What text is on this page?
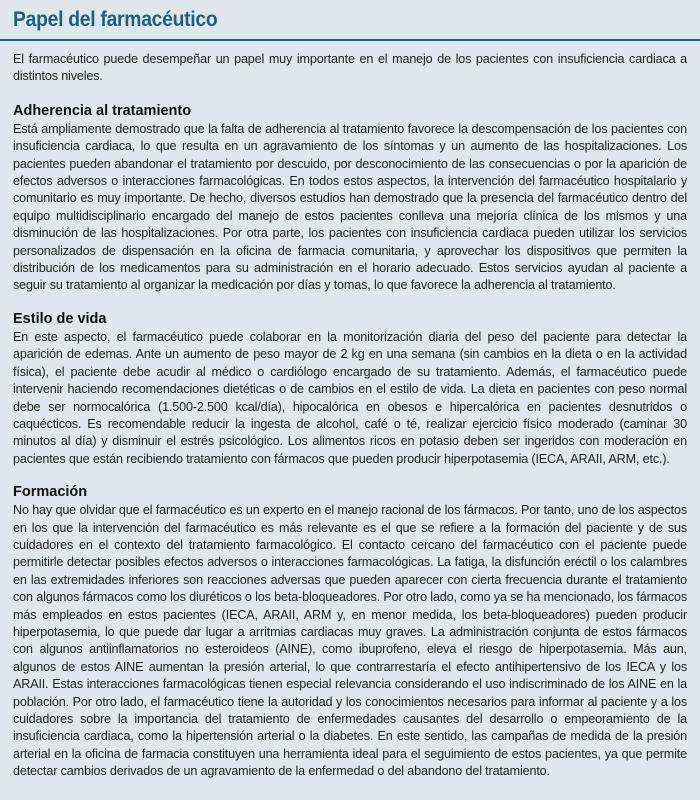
Papel del farmacéutico

El farmacéutico puede desempeñar un papel muy importante en el manejo de los pacientes con insuficiencia cardiaca a distintos niveles.

Adherencia al tratamiento

Está ampliamente demostrado que la falta de adherencia al tratamiento favorece la descompensación de los pacientes con insuficiencia cardiaca, lo que resulta en un agravamiento de los síntomas y un aumento de las hospitalizaciones. Los pacientes pueden abandonar el tratamiento por descuido, por desconocimiento de las consecuencias o por la aparición de efectos adversos o interacciones farmacológicas. En todos estos aspectos, la intervención del farmacéutico hospitalario y comunitario es muy importante. De hecho, diversos estudios han demostrado que la presencia del farmacéutico dentro del equipo multidisciplinario encargado del manejo de estos pacientes conlleva una mejoría clínica de los mismos y una disminución de las hospitalizaciones. Por otra parte, los pacientes con insuficiencia cardiaca pueden utilizar los servicios personalizados de dispensación en la oficina de farmacia comunitaria, y aprovechar los dispositivos que permiten la distribución de los medicamentos para su administración en el horario adecuado. Estos servicios ayudan al paciente a seguir su tratamiento al organizar la medicación por días y tomas, lo que favorece la adherencia al tratamiento.

Estilo de vida

En este aspecto, el farmacéutico puede colaborar en la monitorización diaria del peso del paciente para detectar la aparición de edemas. Ante un aumento de peso mayor de 2 kg en una semana (sin cambios en la dieta o en la actividad física), el paciente debe acudir al médico o cardiólogo encargado de su tratamiento. Además, el farmacéutico puede intervenir haciendo recomendaciones dietéticas o de cambios en el estilo de vida. La dieta en pacientes con peso normal debe ser normocalórica (1.500-2.500 kcal/día), hipocalórica en obesos e hipercalórica en pacientes desnutridos o caquécticos. Es recomendable reducir la ingesta de alcohol, café o té, realizar ejercicio físico moderado (caminar 30 minutos al día) y disminuir el estrés psicológico. Los alimentos ricos en potasio deben ser ingeridos con moderación en pacientes que están recibiendo tratamiento con fármacos que pueden producir hiperpotasemia (IECA, ARAII, ARM, etc.).

Formación

No hay que olvidar que el farmacéutico es un experto en el manejo racional de los fármacos. Por tanto, uno de los aspectos en los que la intervención del farmacéutico es más relevante es el que se refiere a la formación del paciente y de sus cuidadores en el contexto del tratamiento farmacológico. El contacto cercano del farmacéutico con el paciente puede permitirle detectar posibles efectos adversos o interacciones farmacológicas. La fatiga, la disfunción eréctil o los calambres en las extremidades inferiores son reacciones adversas que pueden aparecer con cierta frecuencia durante el tratamiento con algunos fármacos como los diuréticos o los beta-bloqueadores. Por otro lado, como ya se ha mencionado, los fármacos más empleados en estos pacientes (IECA, ARAII, ARM y, en menor medida, los beta-bloqueadores) pueden producir hiperpotasemia, lo que puede dar lugar a arritmias cardiacas muy graves. La administración conjunta de estos fármacos con algunos antiinflamatorios no esteroideos (AINE), como ibuprofeno, eleva el riesgo de hiperpotasemia. Más aun, algunos de estos AINE aumentan la presión arterial, lo que contrarrestaría el efecto antihipertensivo de los IECA y los ARAII. Estas interacciones farmacológicas tienen especial relevancia considerando el uso indiscriminado de los AINE en la población. Por otro lado, el farmacéutico tiene la autoridad y los conocimientos necesarios para informar al paciente y a los cuidadores sobre la importancia del tratamiento de enfermedades causantes del desarrollo o empeoramiento de la insuficiencia cardiaca, como la hipertensión arterial o la diabetes. En este sentido, las campañas de medida de la presión arterial en la oficina de farmacia constituyen una herramienta ideal para el seguimiento de estos pacientes, ya que permite detectar cambios derivados de un agravamiento de la enfermedad o del abandono del tratamiento.
